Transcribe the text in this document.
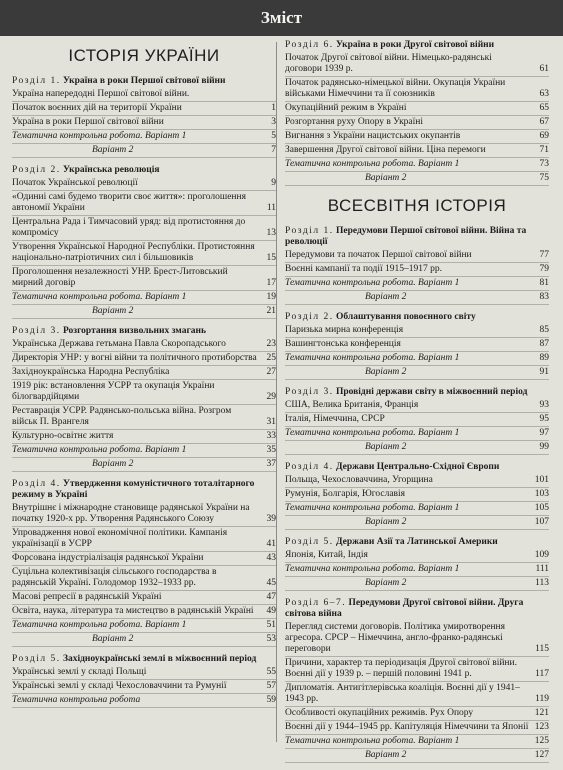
Зміст
ІСТОРІЯ УКРАЇНИ
Розділ 1. Україна в роки Першої світової війни
Україна напередодні Першої світової війни.
Початок воєнних дій на території України	1
Україна в роки Першої світової війни	3
Тематична контрольна робота. Варіант 1	5
Варіант 2	7
Розділ 2. Українська революція
Початок Української революції	9
«Одиниі самі будемо творити своє життя»: проголошення автономії України	11
Центральна Рада і Тимчасовий уряд: від протистояння до компромісу	13
Утворення Української Народної Республіки. Протистояння національно-патріотичних сил і більшовиків	15
Проголошення незалежності УНР. Брест-Литовський мирний договір	17
Тематична контрольна робота. Варіант 1	19
Варіант 2	21
Розділ 3. Розгортання визвольних змагань
Українська Держава гетьмана Павла Скоропадського	23
Директорія УНР: у вогні війни та політичного протиборства	25
Західноукраїнська Народна Республіка	27
1919 рік: встановлення УСРР та окупація України білогвардійцями	29
Реставрація УСРР. Радянсько-польська війна. Розгром військ П. Врангеля	31
Культурно-освітнє життя	33
Тематична контрольна робота. Варіант 1	35
Варіант 2	37
Розділ 4. Утвердження комуністичного тоталітарного режиму в Україні
Внутрішнє і міжнародне становище радянської України на початку 1920-х рр. Утворення Радянського Союзу	39
Упровадження нової економічної політики. Кампанія українізації в УСРР	41
Форсована індустріалізація радянської України	43
Суцільна колективізація сільського господарства в радянській Україні. Голодомор 1932–1933 рр.	45
Масові репресії в радянській Україні	47
Освіта, наука, література та мистецтво в радянській Україні	49
Тематична контрольна робота. Варіант 1	51
Варіант 2	53
Розділ 5. Західноукраїнські землі в міжвоєнний період
Українські землі у складі Польщі	55
Українські землі у складі Чехословаччини та Румунії	57
Тематична контрольна робота	59
Розділ 6. Україна в роки Другої світової війни
Початок Другої світової війни. Німецько-радянські договори 1939 р.	61
Початок радянсько-німецької війни. Окупація України військами Німеччини та її союзників	63
Окупаційний режим в Україні	65
Розгортання руху Опору в Україні	67
Вигнання з України нацистських окупантів	69
Завершення Другої світової війни. Ціна перемоги	71
Тематична контрольна робота. Варіант 1	73
Варіант 2	75
ВСЕСВІТНЯ ІСТОРІЯ
Розділ 1. Передумови Першої світової війни. Війна та революції
Передумови та початок Першої світової війни	77
Воєнні кампанії та події 1915–1917 рр.	79
Тематична контрольна робота. Варіант 1	81
Варіант 2	83
Розділ 2. Облаштування повоєнного світу
Паризька мирна конференція	85
Вашингтонська конференція	87
Тематична контрольна робота. Варіант 1	89
Варіант 2	91
Розділ 3. Провідні держави світу в міжвоєнний період
США, Велика Британія, Франція	93
Італія, Німеччина, СРСР	95
Тематична контрольна робота. Варіант 1	97
Варіант 2	99
Розділ 4. Держави Центрально-Східної Європи
Польща, Чехословаччина, Угорщина	101
Румунія, Болгарія, Югославія	103
Тематична контрольна робота. Варіант 1	105
Варіант 2	107
Розділ 5. Держави Азії та Латинської Америки
Японія, Китай, Індія	109
Тематична контрольна робота. Варіант 1	111
Варіант 2	113
Розділ 6–7. Передумови Другої світової війни. Друга світова війна
Перегляд системи договорів. Політика умиротворення агресора. СРСР – Німеччина, англо-франко-радянські переговори	115
Причини, характер та періодизація Другої світової війни. Воєнні дії у 1939 р. – першій половині 1941 р.	117
Дипломатія. Антигітлерівська коаліція. Воєнні дії у 1941–1943 рр.	119
Особливості окупаційних режимів. Рух Опору	121
Воєнні дії у 1944–1945 рр. Капітуляція Німеччини та Японії 123
Тематична контрольна робота. Варіант 1	125
Варіант 2	127
